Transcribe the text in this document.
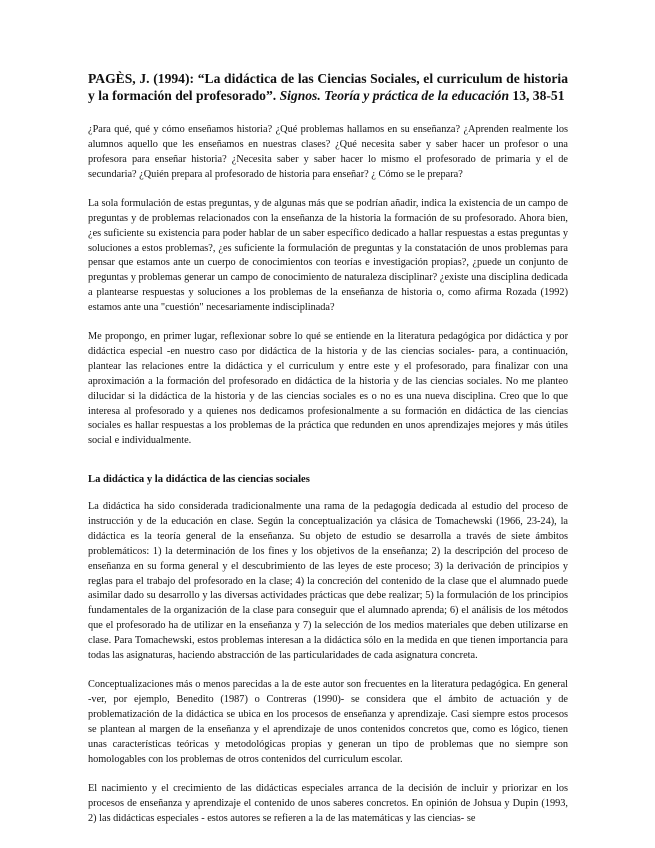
PAGÈS, J. (1994): “La didáctica de las Ciencias Sociales, el curriculum de historia y la formación del profesorado”. Signos. Teoría y práctica de la educación 13, 38-51

¿Para qué, qué y cómo enseñamos historia? ¿Qué problemas hallamos en su enseñanza? ¿Aprenden realmente los alumnos aquello que les enseñamos en nuestras clases? ¿Qué necesita saber y saber hacer un profesor o una profesora para enseñar historia? ¿Necesita saber y saber hacer lo mismo el profesorado de primaria y el de secundaria? ¿Quién prepara al profesorado de historia para enseñar? ¿ Cómo se le prepara?

La sola formulación de estas preguntas, y de algunas más que se podrían añadir, indica la existencia de un campo de preguntas y de problemas relacionados con la enseñanza de la historia la formación de su profesorado. Ahora bien, ¿es suficiente su existencia para poder hablar de un saber específico dedicado a hallar respuestas a estas preguntas y soluciones a estos problemas?, ¿es suficiente la formulación de preguntas y la constatación de unos problemas para pensar que estamos ante un cuerpo de conocimientos con teorías e investigación propias?, ¿puede un conjunto de preguntas y problemas generar un campo de conocimiento de naturaleza disciplinar? ¿existe una disciplina dedicada a plantearse respuestas y soluciones a los problemas de la enseñanza de historia o, como afirma Rozada (1992) estamos ante una "cuestión" necesariamente indisciplinada?

Me propongo, en primer lugar, reflexionar sobre lo qué se entiende en la literatura pedagógica por didáctica y por didáctica especial -en nuestro caso por didáctica de la historia y de las ciencias sociales- para, a continuación, plantear las relaciones entre la didáctica y el curriculum y entre este y el profesorado, para finalizar con una aproximación a la formación del profesorado en didáctica de la historia y de las ciencias sociales. No me planteo dilucidar si la didáctica de la historia y de las ciencias sociales es o no es una nueva disciplina. Creo que lo que interesa al profesorado y a quienes nos dedicamos profesionalmente a su formación en didáctica de las ciencias sociales es hallar respuestas a los problemas de la práctica que redunden en unos aprendizajes mejores y más útiles social e individualmente.

La didáctica y la didáctica de las ciencias sociales

La didáctica ha sido considerada tradicionalmente una rama de la pedagogía dedicada al estudio del proceso de instrucción y de la educación en clase. Según la conceptualización ya clásica de Tomachewski (1966, 23-24), la didáctica es la teoría general de la enseñanza. Su objeto de estudio se desarrolla a través de siete ámbitos problemáticos: 1) la determinación de los fines y los objetivos de la enseñanza; 2) la descripción del proceso de enseñanza en su forma general y el descubrimiento de las leyes de este proceso; 3) la derivación de principios y reglas para el trabajo del profesorado en la clase; 4) la concreción del contenido de la clase que el alumnado puede asimilar dado su desarrollo y las diversas actividades prácticas que debe realizar; 5) la formulación de los principios fundamentales de la organización de la clase para conseguir que el alumnado aprenda; 6) el análisis de los métodos que el profesorado ha de utilizar en la enseñanza y 7) la selección de los medios materiales que deben utilizarse en clase. Para Tomachewski, estos problemas interesan a la didáctica sólo en la medida en que tienen importancia para todas las asignaturas, haciendo abstracción de las particularidades de cada asignatura concreta.

Conceptualizaciones más o menos parecidas a la de este autor son frecuentes en la literatura pedagógica. En general -ver, por ejemplo, Benedito (1987) o Contreras (1990)- se considera que el ámbito de actuación y de problematización de la didáctica se ubica en los procesos de enseñanza y aprendizaje. Casi siempre estos procesos se plantean al margen de la enseñanza y el aprendizaje de unos contenidos concretos que, como es lógico, tienen unas características teóricas y metodológicas propias y generan un tipo de problemas que no siempre son homologables con los problemas de otros contenidos del curriculum escolar.

El nacimiento y el crecimiento de las didácticas especiales arranca de la decisión de incluir y priorizar en los procesos de enseñanza y aprendizaje el contenido de unos saberes concretos. En opinión de Johsua y Dupin (1993, 2) las didácticas especiales - estos autores se refieren a la de las matemáticas y las ciencias- se
